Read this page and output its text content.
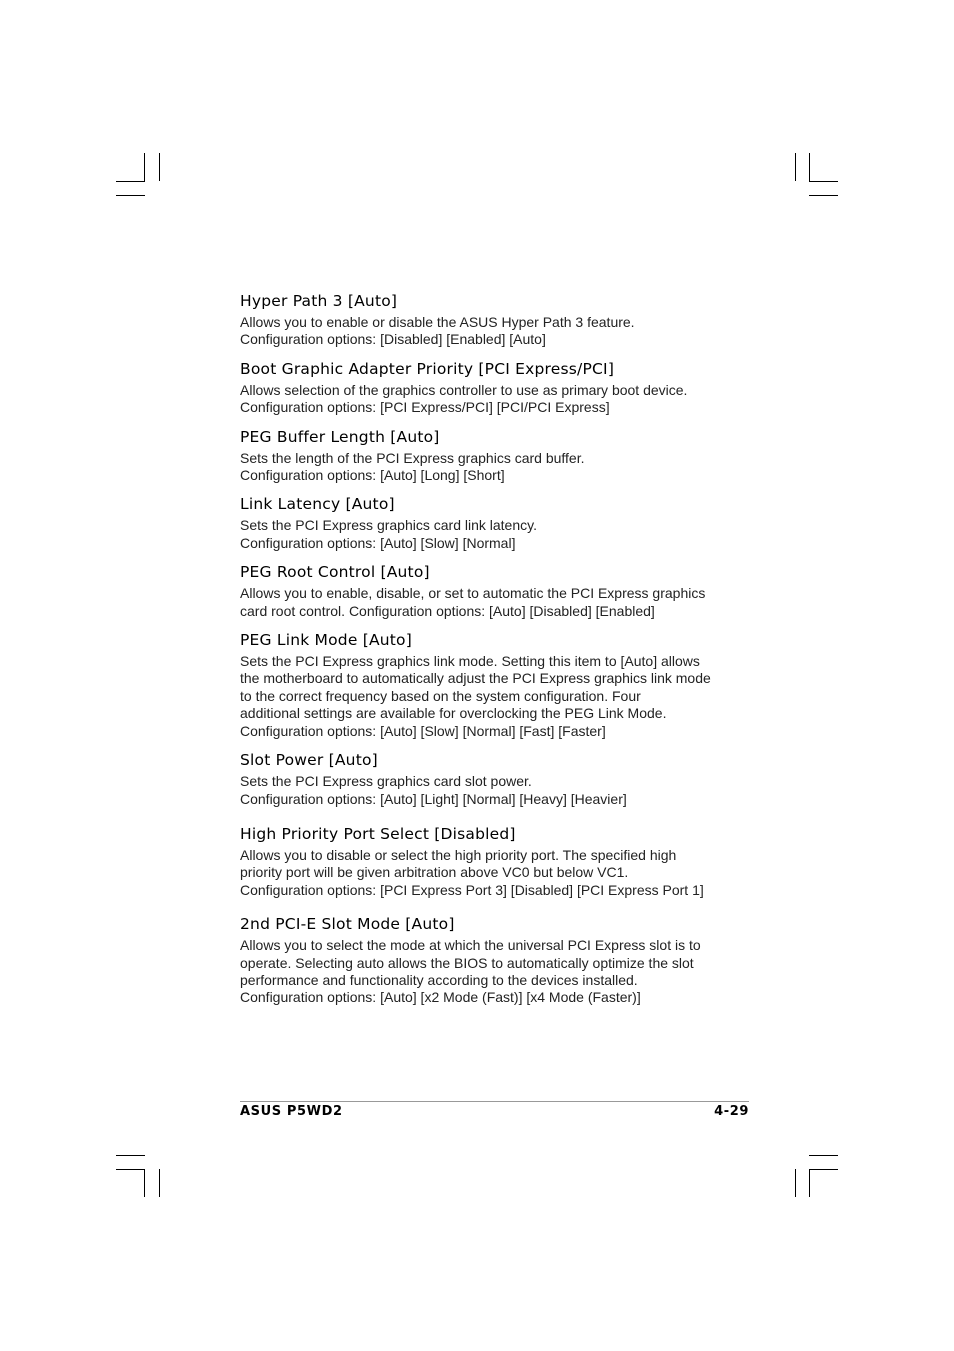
Hyper Path 3 [Auto]
Allows you to enable or disable the ASUS Hyper Path 3 feature.
Configuration options: [Disabled] [Enabled] [Auto]
Boot Graphic Adapter Priority [PCI Express/PCI]
Allows selection of the graphics controller to use as primary boot device.
Configuration options: [PCI Express/PCI] [PCI/PCI Express]
PEG Buffer Length [Auto]
Sets the length of the PCI Express graphics card buffer.
Configuration options: [Auto] [Long] [Short]
Link Latency [Auto]
Sets the PCI Express graphics card link latency.
Configuration options: [Auto] [Slow] [Normal]
PEG Root Control [Auto]
Allows you to enable, disable, or set to automatic the PCI Express graphics
card root control. Configuration options: [Auto] [Disabled] [Enabled]
PEG Link Mode [Auto]
Sets the PCI Express graphics link mode. Setting this item to [Auto] allows
the motherboard to automatically adjust the PCI Express graphics link mode
to the correct frequency based on the system configuration. Four
additional settings are available for overclocking the PEG Link Mode.
Configuration options: [Auto] [Slow] [Normal] [Fast] [Faster]
Slot Power [Auto]
Sets the PCI Express graphics card slot power.
Configuration options: [Auto] [Light] [Normal] [Heavy] [Heavier]
High Priority Port Select [Disabled]
Allows you to disable or select the high priority port. The specified high
priority port will be given arbitration above VC0 but below VC1.
Configuration options: [PCI Express Port 3] [Disabled] [PCI Express Port 1]
2nd PCI-E Slot Mode [Auto]
Allows you to select the mode at which the universal PCI Express slot is to
operate. Selecting auto allows the BIOS to automatically optimize the slot
performance and functionality according to the devices installed.
Configuration options: [Auto] [x2 Mode (Fast)] [x4 Mode (Faster)]
ASUS P5WD2	4-29
